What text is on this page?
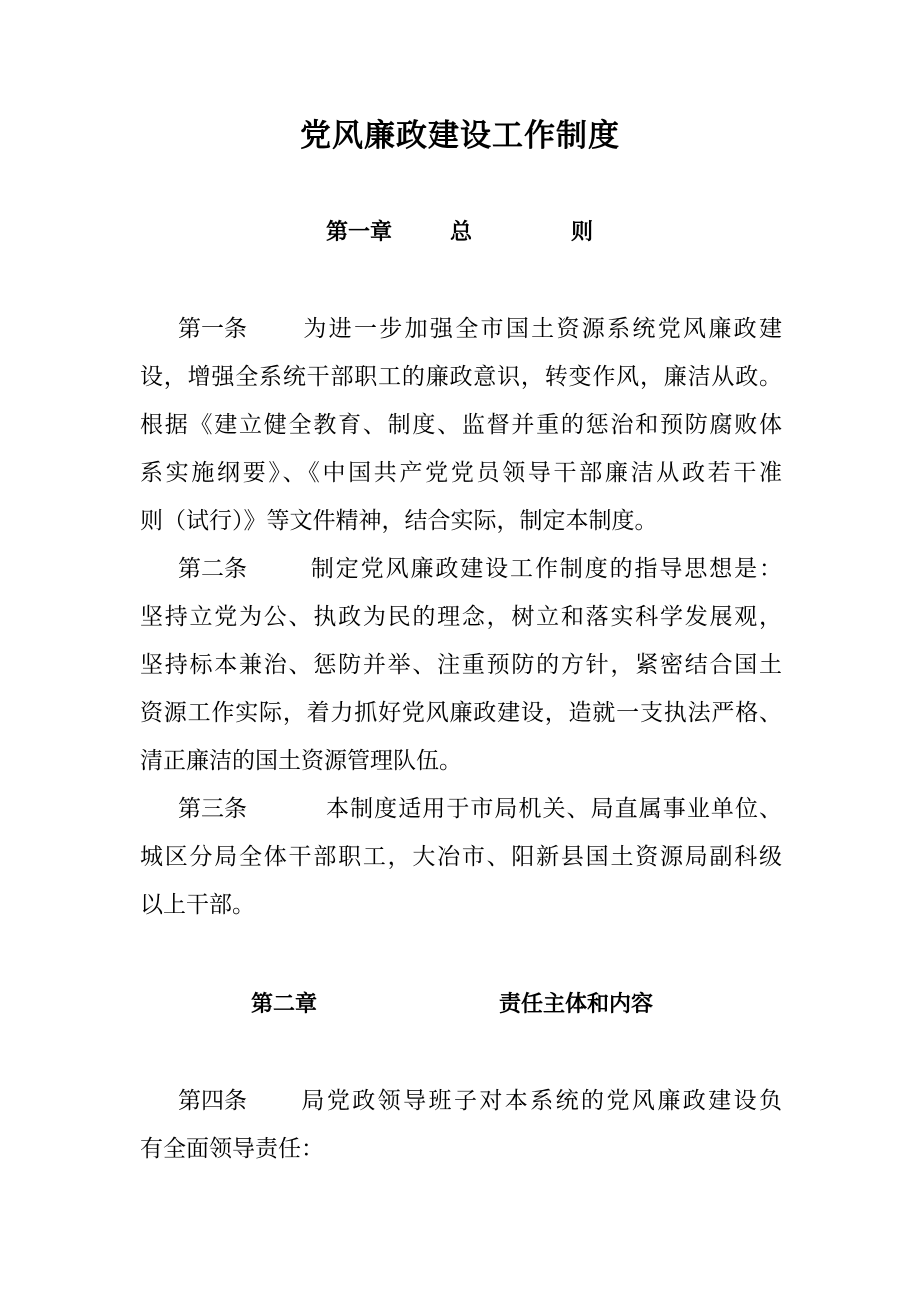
党风廉政建设工作制度
第一章	总	则
第一条 为进一步加强全市国土资源系统党风廉政建
设，增强全系统干部职工的廉政意识，转变作风，廉洁从政。
根据《建立健全教育、制度、监督并重的惩治和预防腐败体
系实施纲要》、《中国共产党党员领导干部廉洁从政若干准
则（试行）》等文件精神，结合实际，制定本制度。
第二条	制定党风廉政建设工作制度的指导思想是：
坚持立党为公、执政为民的理念，树立和落实科学发展观，
坚持标本兼治、惩防并举、注重预防的方针，紧密结合国土
资源工作实际，着力抓好党风廉政建设，造就一支执法严格、
清正廉洁的国土资源管理队伍。
第三条	本制度适用于市局机关、局直属事业单位、
城区分局全体干部职工，大冶市、阳新县国土资源局副科级
以上干部。
第二章	责任主体和内容
第四条 局党政领导班子对本系统的党风廉政建设负
有全面领导责任：
